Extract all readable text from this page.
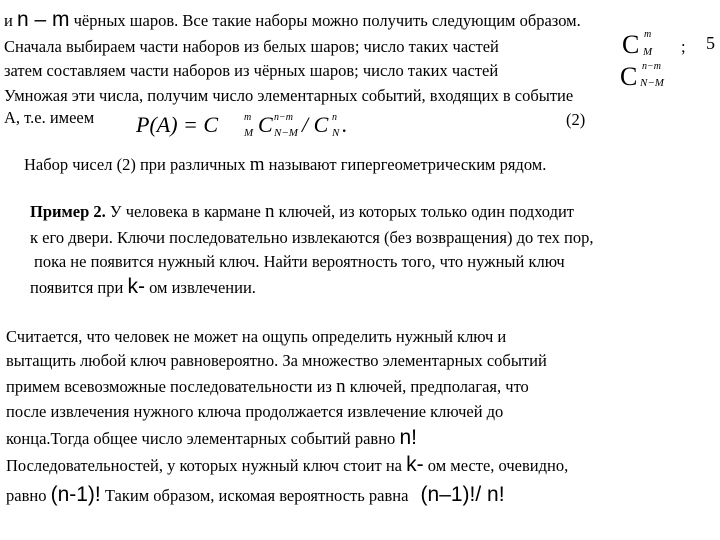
5
и n – m чёрных шаров. Все такие наборы можно получить следующим образом.
Сначала выбираем части наборов из белых шаров; число таких частей	C m
M ;
затем составляем части наборов из чёрных шаров; число таких частей	C n−m
N−M
Умножая эти числа, получим число элементарных событий, входящих в событие
А, т.е. имеем P(A) = C	m
M C n−m
N−M / C n
N .	(2)
Набор чисел (2) при различных m называют гипергеометрическим рядом.
Пример 2. У человека в кармане n ключей, из которых только один подходит
к его двери. Ключи последовательно извлекаются (без возвращения) до тех пор,
пока не появится нужный ключ. Найти вероятность того, что нужный ключ
появится при k- ом извлечении.
Считается, что человек не может на ощупь определить нужный ключ и
вытащить любой ключ равновероятно. За множество элементарных событий
примем всевозможные последовательности из n ключей, предполагая, что
после извлечения нужного ключа продолжается извлечение ключей до
конца.Тогда общее число элементарных событий равно n!
Последовательностей, у которых нужный ключ стоит на k- ом месте, очевидно,
равно (n-1)! Таким образом, искомая вероятность равна (n–1)!/ n!
